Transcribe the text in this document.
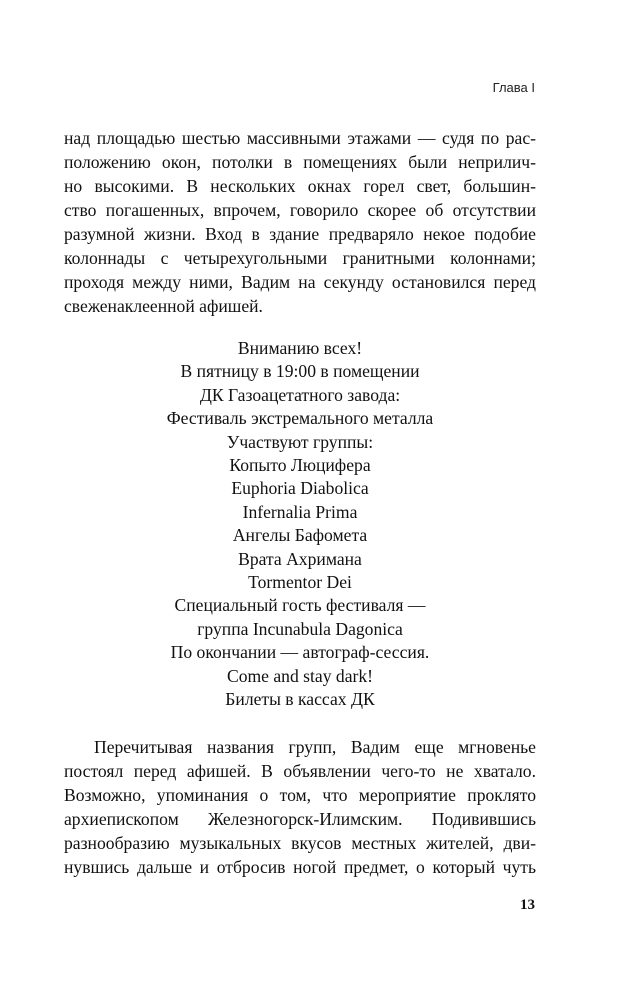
Глава I
над площадью шестью массивными этажами — судя по рас-
положению окон, потолки в помещениях были неприлич-
но высокими. В нескольких окнах горел свет, большин-
ство погашенных, впрочем, говорило скорее об отсутствии
разумной жизни. Вход в здание предваряло некое подобие
колоннады с четырехугольными гранитными колоннами;
проходя между ними, Вадим на секунду остановился перед
свеженаклеенной афишей.
Вниманию всех!
В пятницу в 19:00 в помещении
ДК Газоацетатного завода:
Фестиваль экстремального металла
Участвуют группы:
Копыто Люцифера
Euphoria Diabolica
Infernalia Prima
Ангелы Бафомета
Врата Ахримана
Tormentor Dei
Специальный гость фестиваля —
группа Incunabula Dagonica
По окончании — автограф-сессия.
Come and stay dark!
Билеты в кассах ДК
Перечитывая названия групп, Вадим еще мгновенье
постоял перед афишей. В объявлении чего-то не хватало.
Возможно, упоминания о том, что мероприятие проклято
архиепископом Железногорск-Илимским. Подивившись
разнообразию музыкальных вкусов местных жителей, дви-
нувшись дальше и отбросив ногой предмет, о который чуть
13
